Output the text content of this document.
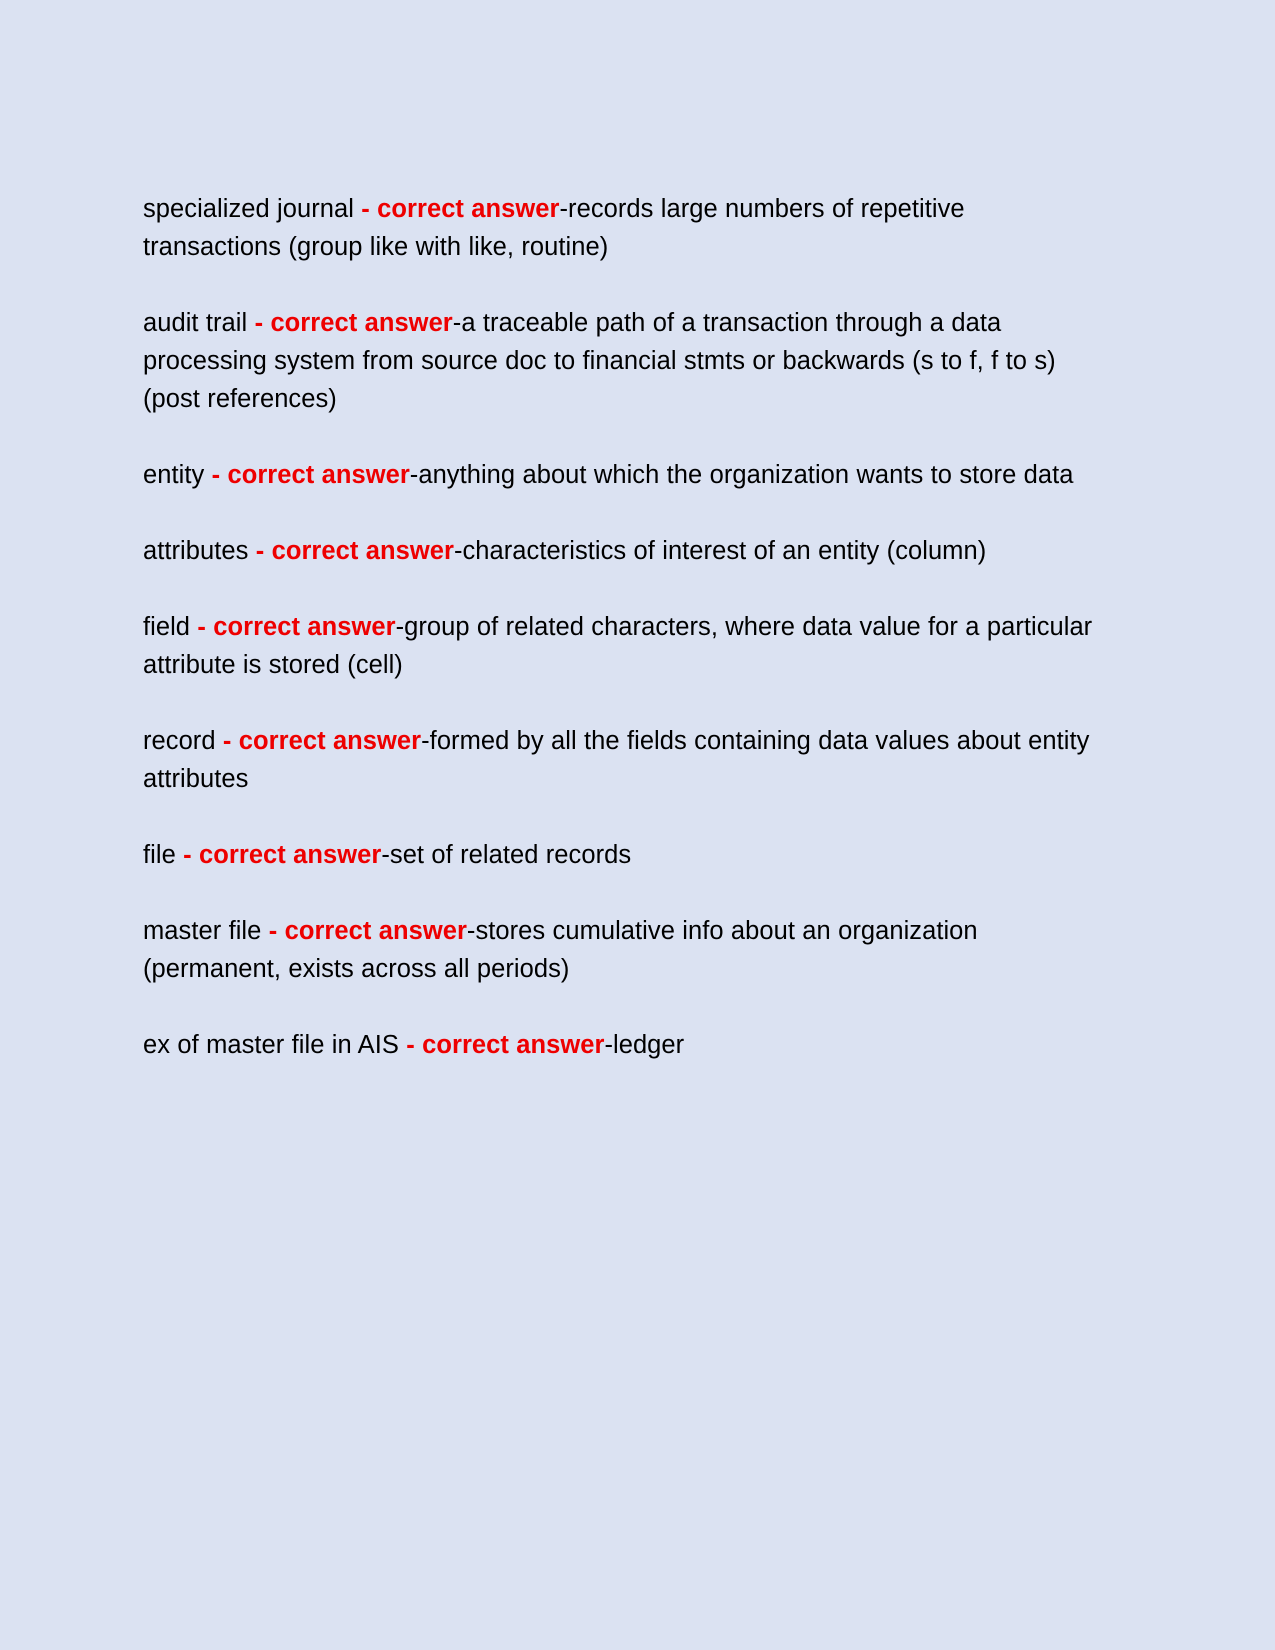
specialized journal - correct answer-records large numbers of repetitive transactions (group like with like, routine)

audit trail - correct answer-a traceable path of a transaction through a data processing system from source doc to financial stmts or backwards (s to f, f to s) (post references)

entity - correct answer-anything about which the organization wants to store data

attributes - correct answer-characteristics of interest of an entity (column)

field - correct answer-group of related characters, where data value for a particular attribute is stored (cell)

record - correct answer-formed by all the fields containing data values about entity attributes

file - correct answer-set of related records

master file - correct answer-stores cumulative info about an organization (permanent, exists across all periods)

ex of master file in AIS - correct answer-ledger
